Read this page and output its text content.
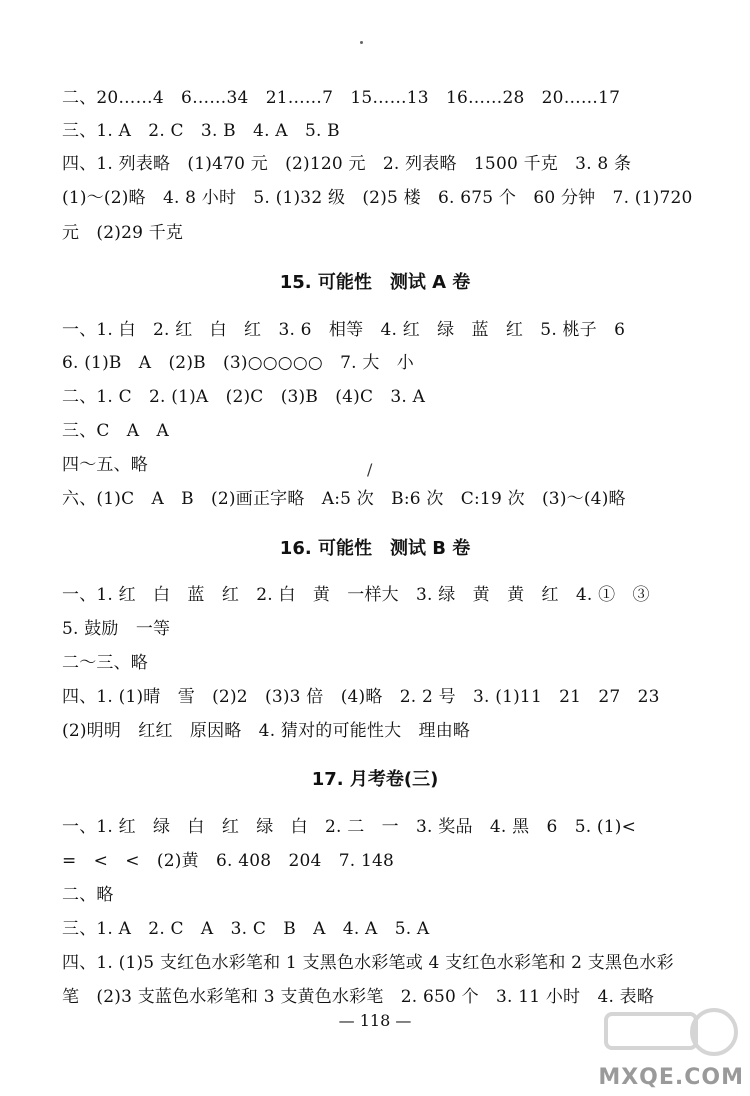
二、20……4　6……34　21……7　15……13　16……28　20……17
三、1. A　2. C　3. B　4. A　5. B
四、1. 列表略　(1)470 元　(2)120 元　2. 列表略　1500 千克　3. 8 条
(1)～(2)略　4. 8 小时　5. (1)32 级　(2)5 楼　6. 675 个　60 分钟　7. (1)720
元　(2)29 千克
15. 可能性　测试 A 卷
一、1. 白　2. 红　白　红　3. 6　相等　4. 红　绿　蓝　红　5. 桃子　6
6. (1)B　A　(2)B　(3)○○○○○　7. 大　小
二、1. C　2. (1)A　(2)C　(3)B　(4)C　3. A
三、C　A　A
四～五、略
六、(1)C　A　B　(2)画正字略　A:5 次　B:6 次　C:19 次　(3)～(4)略
/
16. 可能性　测试 B 卷
一、1. 红　白　蓝　红　2. 白　黄　一样大　3. 绿　黄　黄　红　4. ①　③
5. 鼓励　一等
二～三、略
四、1. (1)晴　雪　(2)2　(3)3 倍　(4)略　2. 2 号　3. (1)11　21　27　23
(2)明明　红红　原因略　4. 猜对的可能性大　理由略
17. 月考卷(三)
一、1. 红　绿　白　红　绿　白　2. 二　一　3. 奖品　4. 黑　6　5. (1)<
=　<　<　(2)黄　6. 408　204　7. 148
二、略
三、1. A　2. C　A　3. C　B　A　4. A　5. A
四、1. (1)5 支红色水彩笔和 1 支黑色水彩笔或 4 支红色水彩笔和 2 支黑色水彩
笔　(2)3 支蓝色水彩笔和 3 支黄色水彩笔　2. 650 个　3. 11 小时　4. 表略
— 118 —
MXQE.COM
